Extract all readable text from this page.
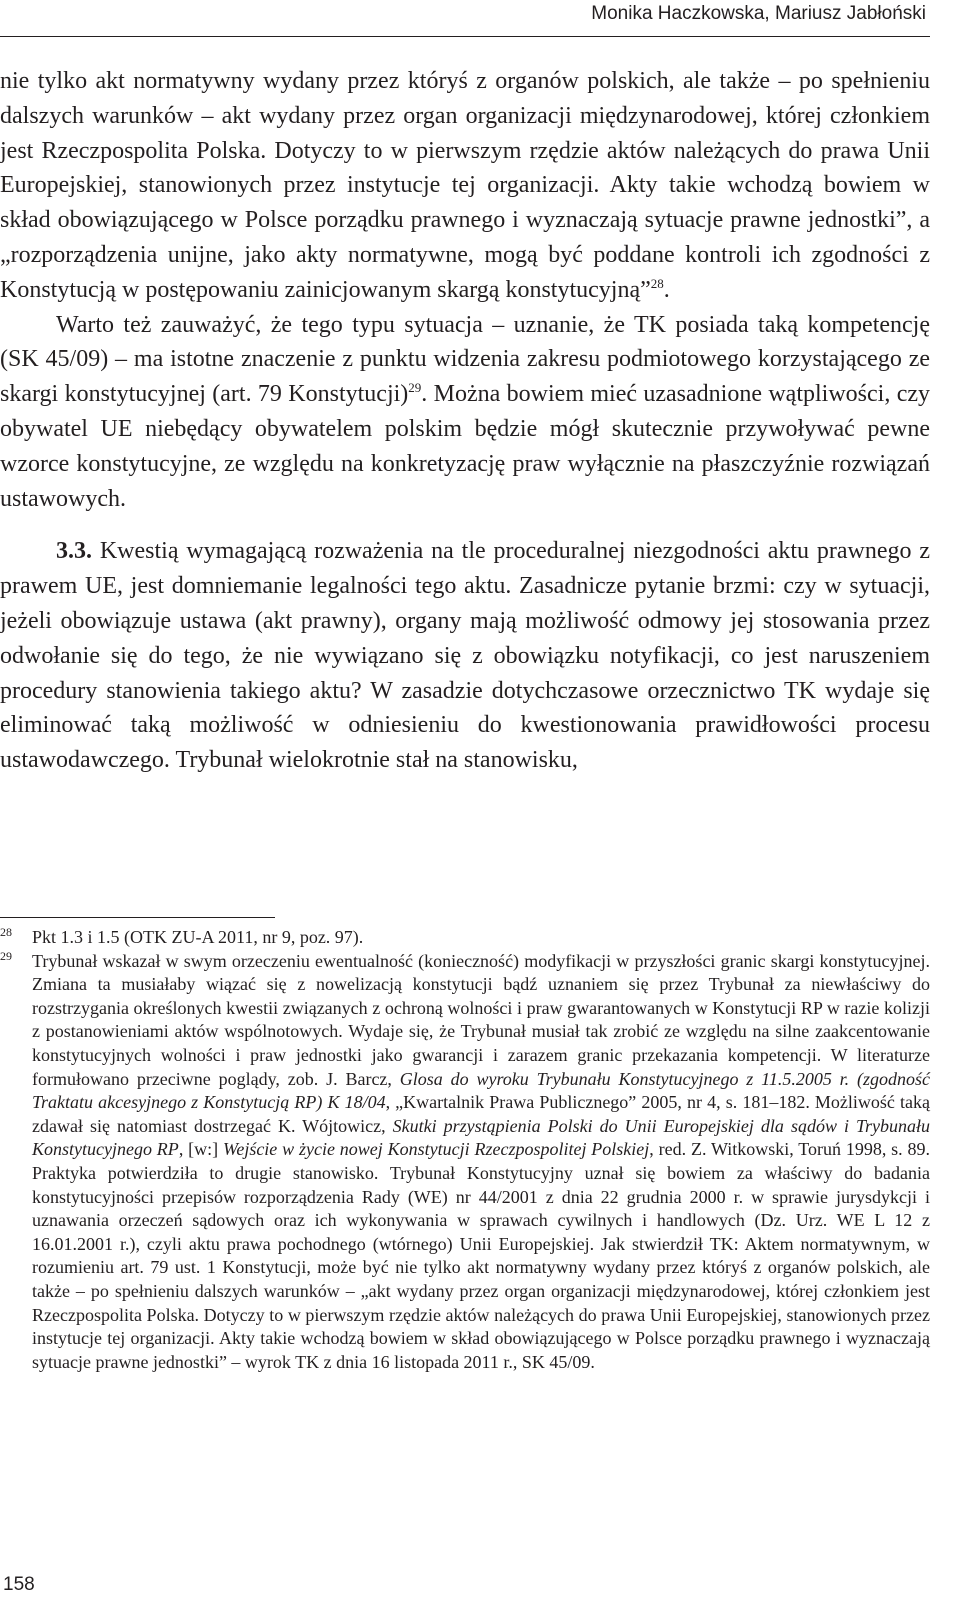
Monika Haczkowska, Mariusz Jabłoński

nie tylko akt normatywny wydany przez któryś z organów polskich, ale także – po spełnieniu dalszych warunków – akt wydany przez organ organizacji międzynarodowej, której członkiem jest Rzeczpospolita Polska. Dotyczy to w pierwszym rzędzie aktów należących do prawa Unii Europejskiej, stanowionych przez instytucje tej organizacji. Akty takie wchodzą bowiem w skład obowiązującego w Polsce porządku prawnego i wyznaczają sytuacje prawne jednostki”, a „rozporządzenia unijne, jako akty normatywne, mogą być poddane kontroli ich zgodności z Konstytucją w postępowaniu zainicjowanym skargą konstytucyjną”$^{28}$.

Warto też zauważyć, że tego typu sytuacja – uznanie, że TK posiada taką kompetencję (SK 45/09) – ma istotne znaczenie z punktu widzenia zakresu podmiotowego korzystającego ze skargi konstytucyjnej (art. 79 Konstytucji)$^{29}$. Można bowiem mieć uzasadnione wątpliwości, czy obywatel UE niebędący obywatelem polskim będzie mógł skutecznie przywoływać pewne wzorce konstytucyjne, ze względu na konkretyzację praw wyłącznie na płaszczyźnie rozwiązań ustawowych.

3.3. Kwestią wymagającą rozważenia na tle proceduralnej niezgodności aktu prawnego z prawem UE, jest domniemanie legalności tego aktu. Zasadnicze pytanie brzmi: czy w sytuacji, jeżeli obowiązuje ustawa (akt prawny), organy mają możliwość odmowy jej stosowania przez odwołanie się do tego, że nie wywiązano się z obowiązku notyfikacji, co jest naruszeniem procedury stanowienia takiego aktu? W zasadzie dotychczasowe orzecznictwo TK wydaje się eliminować taką możliwość w odniesieniu do kwestionowania prawidłowości procesu ustawodawczego. Trybunał wielokrotnie stał na stanowisku,

28 Pkt 1.3 i 1.5 (OTK ZU-A 2011, nr 9, poz. 97).
29 Trybunał wskazał w swym orzeczeniu ewentualność (konieczność) modyfikacji w przyszłości granic skargi konstytucyjnej. Zmiana ta musiałaby wiązać się z nowelizacją konstytucji bądź uznaniem się przez Trybunał za niewłaściwy do rozstrzygania określonych kwestii związanych z ochroną wolności i praw gwarantowanych w Konstytucji RP w razie kolizji z postanowieniami aktów wspólnotowych. Wydaje się, że Trybunał musiał tak zrobić ze względu na silne zaakcentowanie konstytucyjnych wolności i praw jednostki jako gwarancji i zarazem granic przekazania kompetencji. W literaturze formułowano przeciwne poglądy, zob. J. Barcz, Glosa do wyroku Trybunału Konstytucyjnego z 11.5.2005 r. (zgodność Traktatu akcesyjnego z Konstytucją RP) K 18/04, „Kwartalnik Prawa Publicznego” 2005, nr 4, s. 181–182. Możliwość taką zdawał się natomiast dostrzegać K. Wójtowicz, Skutki przystąpienia Polski do Unii Europejskiej dla sądów i Trybunału Konstytucyjnego RP, [w:] Wejście w życie nowej Konstytucji Rzeczpospolitej Polskiej, red. Z. Witkowski, Toruń 1998, s. 89. Praktyka potwierdziła to drugie stanowisko. Trybunał Konstytucyjny uznał się bowiem za właściwy do badania konstytucyjności przepisów rozporządzenia Rady (WE) nr 44/2001 z dnia 22 grudnia 2000 r. w sprawie jurysdykcji i uznawania orzeczeń sądowych oraz ich wykonywania w sprawach cywilnych i handlowych (Dz. Urz. WE L 12 z 16.01.2001 r.), czyli aktu prawa pochodnego (wtórnego) Unii Europejskiej. Jak stwierdził TK: Aktem normatywnym, w rozumieniu art. 79 ust. 1 Konstytucji, może być nie tylko akt normatywny wydany przez któryś z organów polskich, ale także – po spełnieniu dalszych warunków – „akt wydany przez organ organizacji międzynarodowej, której członkiem jest Rzeczpospolita Polska. Dotyczy to w pierwszym rzędzie aktów należących do prawa Unii Europejskiej, stanowionych przez instytucje tej organizacji. Akty takie wchodzą bowiem w skład obowiązującego w Polsce porządku prawnego i wyznaczają sytuacje prawne jednostki” – wyrok TK z dnia 16 listopada 2011 r., SK 45/09.
158
